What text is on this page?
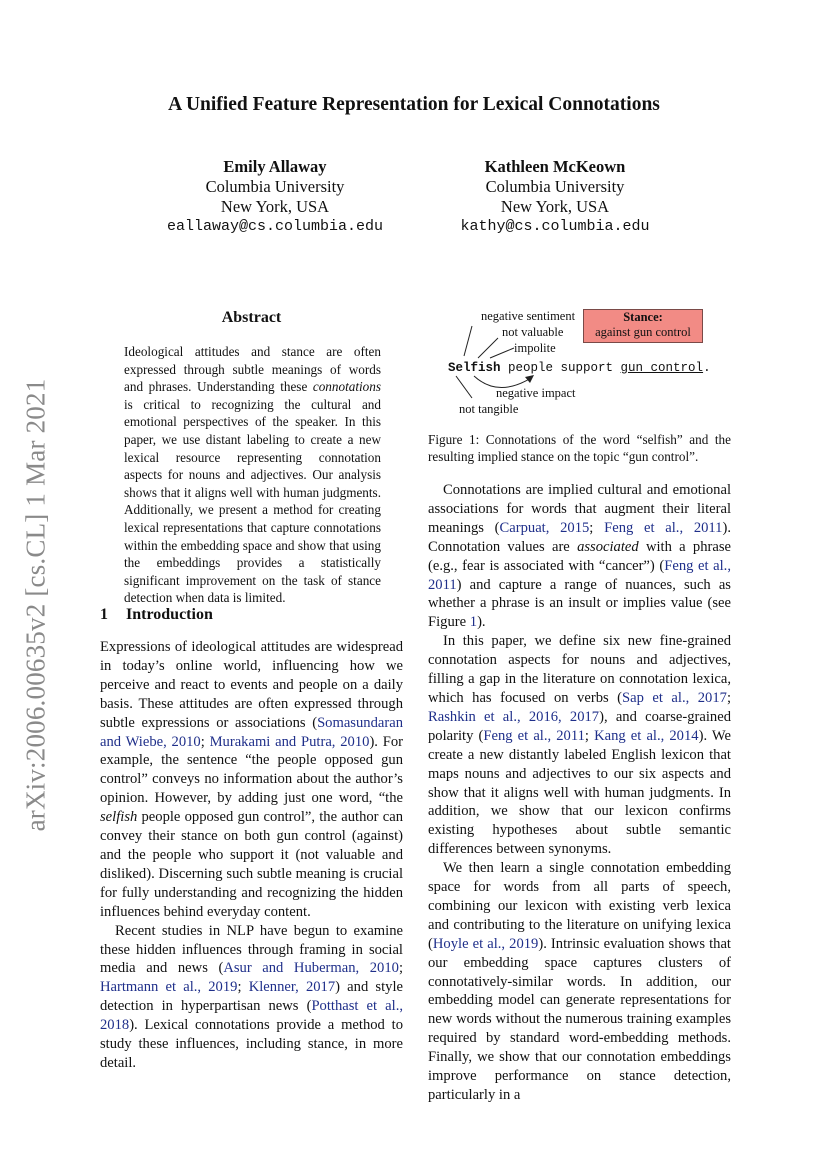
arXiv:2006.00635v2 [cs.CL] 1 Mar 2021
A Unified Feature Representation for Lexical Connotations
Emily Allaway
Columbia University
New York, USA
eallaway@cs.columbia.edu
Kathleen McKeown
Columbia University
New York, USA
kathy@cs.columbia.edu
Abstract
Ideological attitudes and stance are often expressed through subtle meanings of words and phrases. Understanding these connotations is critical to recognizing the cultural and emotional perspectives of the speaker. In this paper, we use distant labeling to create a new lexical resource representing connotation aspects for nouns and adjectives. Our analysis shows that it aligns well with human judgments. Additionally, we present a method for creating lexical representations that capture connotations within the embedding space and show that using the embeddings provides a statistically significant improvement on the task of stance detection when data is limited.
1 Introduction

Expressions of ideological attitudes are widespread in today’s online world, influencing how we perceive and react to events and people on a daily basis. These attitudes are often expressed through subtle expressions or associations (Somasundaran and Wiebe, 2010; Murakami and Putra, 2010). For example, the sentence “the people opposed gun control” conveys no information about the author’s opinion. However, by adding just one word, “the selfish people opposed gun control”, the author can convey their stance on both gun control (against) and the people who support it (not valuable and disliked). Discerning such subtle meaning is crucial for fully understanding and recognizing the hidden influences behind everyday content.

Recent studies in NLP have begun to examine these hidden influences through framing in social media and news (Asur and Huberman, 2010; Hartmann et al., 2019; Klenner, 2017) and style detection in hyperpartisan news (Potthast et al., 2018). Lexical connotations provide a method to study these influences, including stance, in more detail.

negative sentiment
not valuable
impolite
Stance:
against gun control
Selfish people support gun control.
negative impact
not tangible
Figure 1: Connotations of the word “selfish” and the resulting implied stance on the topic “gun control”.

Connotations are implied cultural and emotional associations for words that augment their literal meanings (Carpuat, 2015; Feng et al., 2011). Connotation values are associated with a phrase (e.g., fear is associated with “cancer”) (Feng et al., 2011) and capture a range of nuances, such as whether a phrase is an insult or implies value (see Figure 1).

In this paper, we define six new fine-grained connotation aspects for nouns and adjectives, filling a gap in the literature on connotation lexica, which has focused on verbs (Sap et al., 2017; Rashkin et al., 2016, 2017), and coarse-grained polarity (Feng et al., 2011; Kang et al., 2014). We create a new distantly labeled English lexicon that maps nouns and adjectives to our six aspects and show that it aligns well with human judgments. In addition, we show that our lexicon confirms existing hypotheses about subtle semantic differences between synonyms.

We then learn a single connotation embedding space for words from all parts of speech, combining our lexicon with existing verb lexica and contributing to the literature on unifying lexica (Hoyle et al., 2019). Intrinsic evaluation shows that our embedding space captures clusters of connotatively-similar words. In addition, our embedding model can generate representations for new words without the numerous training examples required by standard word-embedding methods. Finally, we show that our connotation embeddings improve performance on stance detection, particularly in a
